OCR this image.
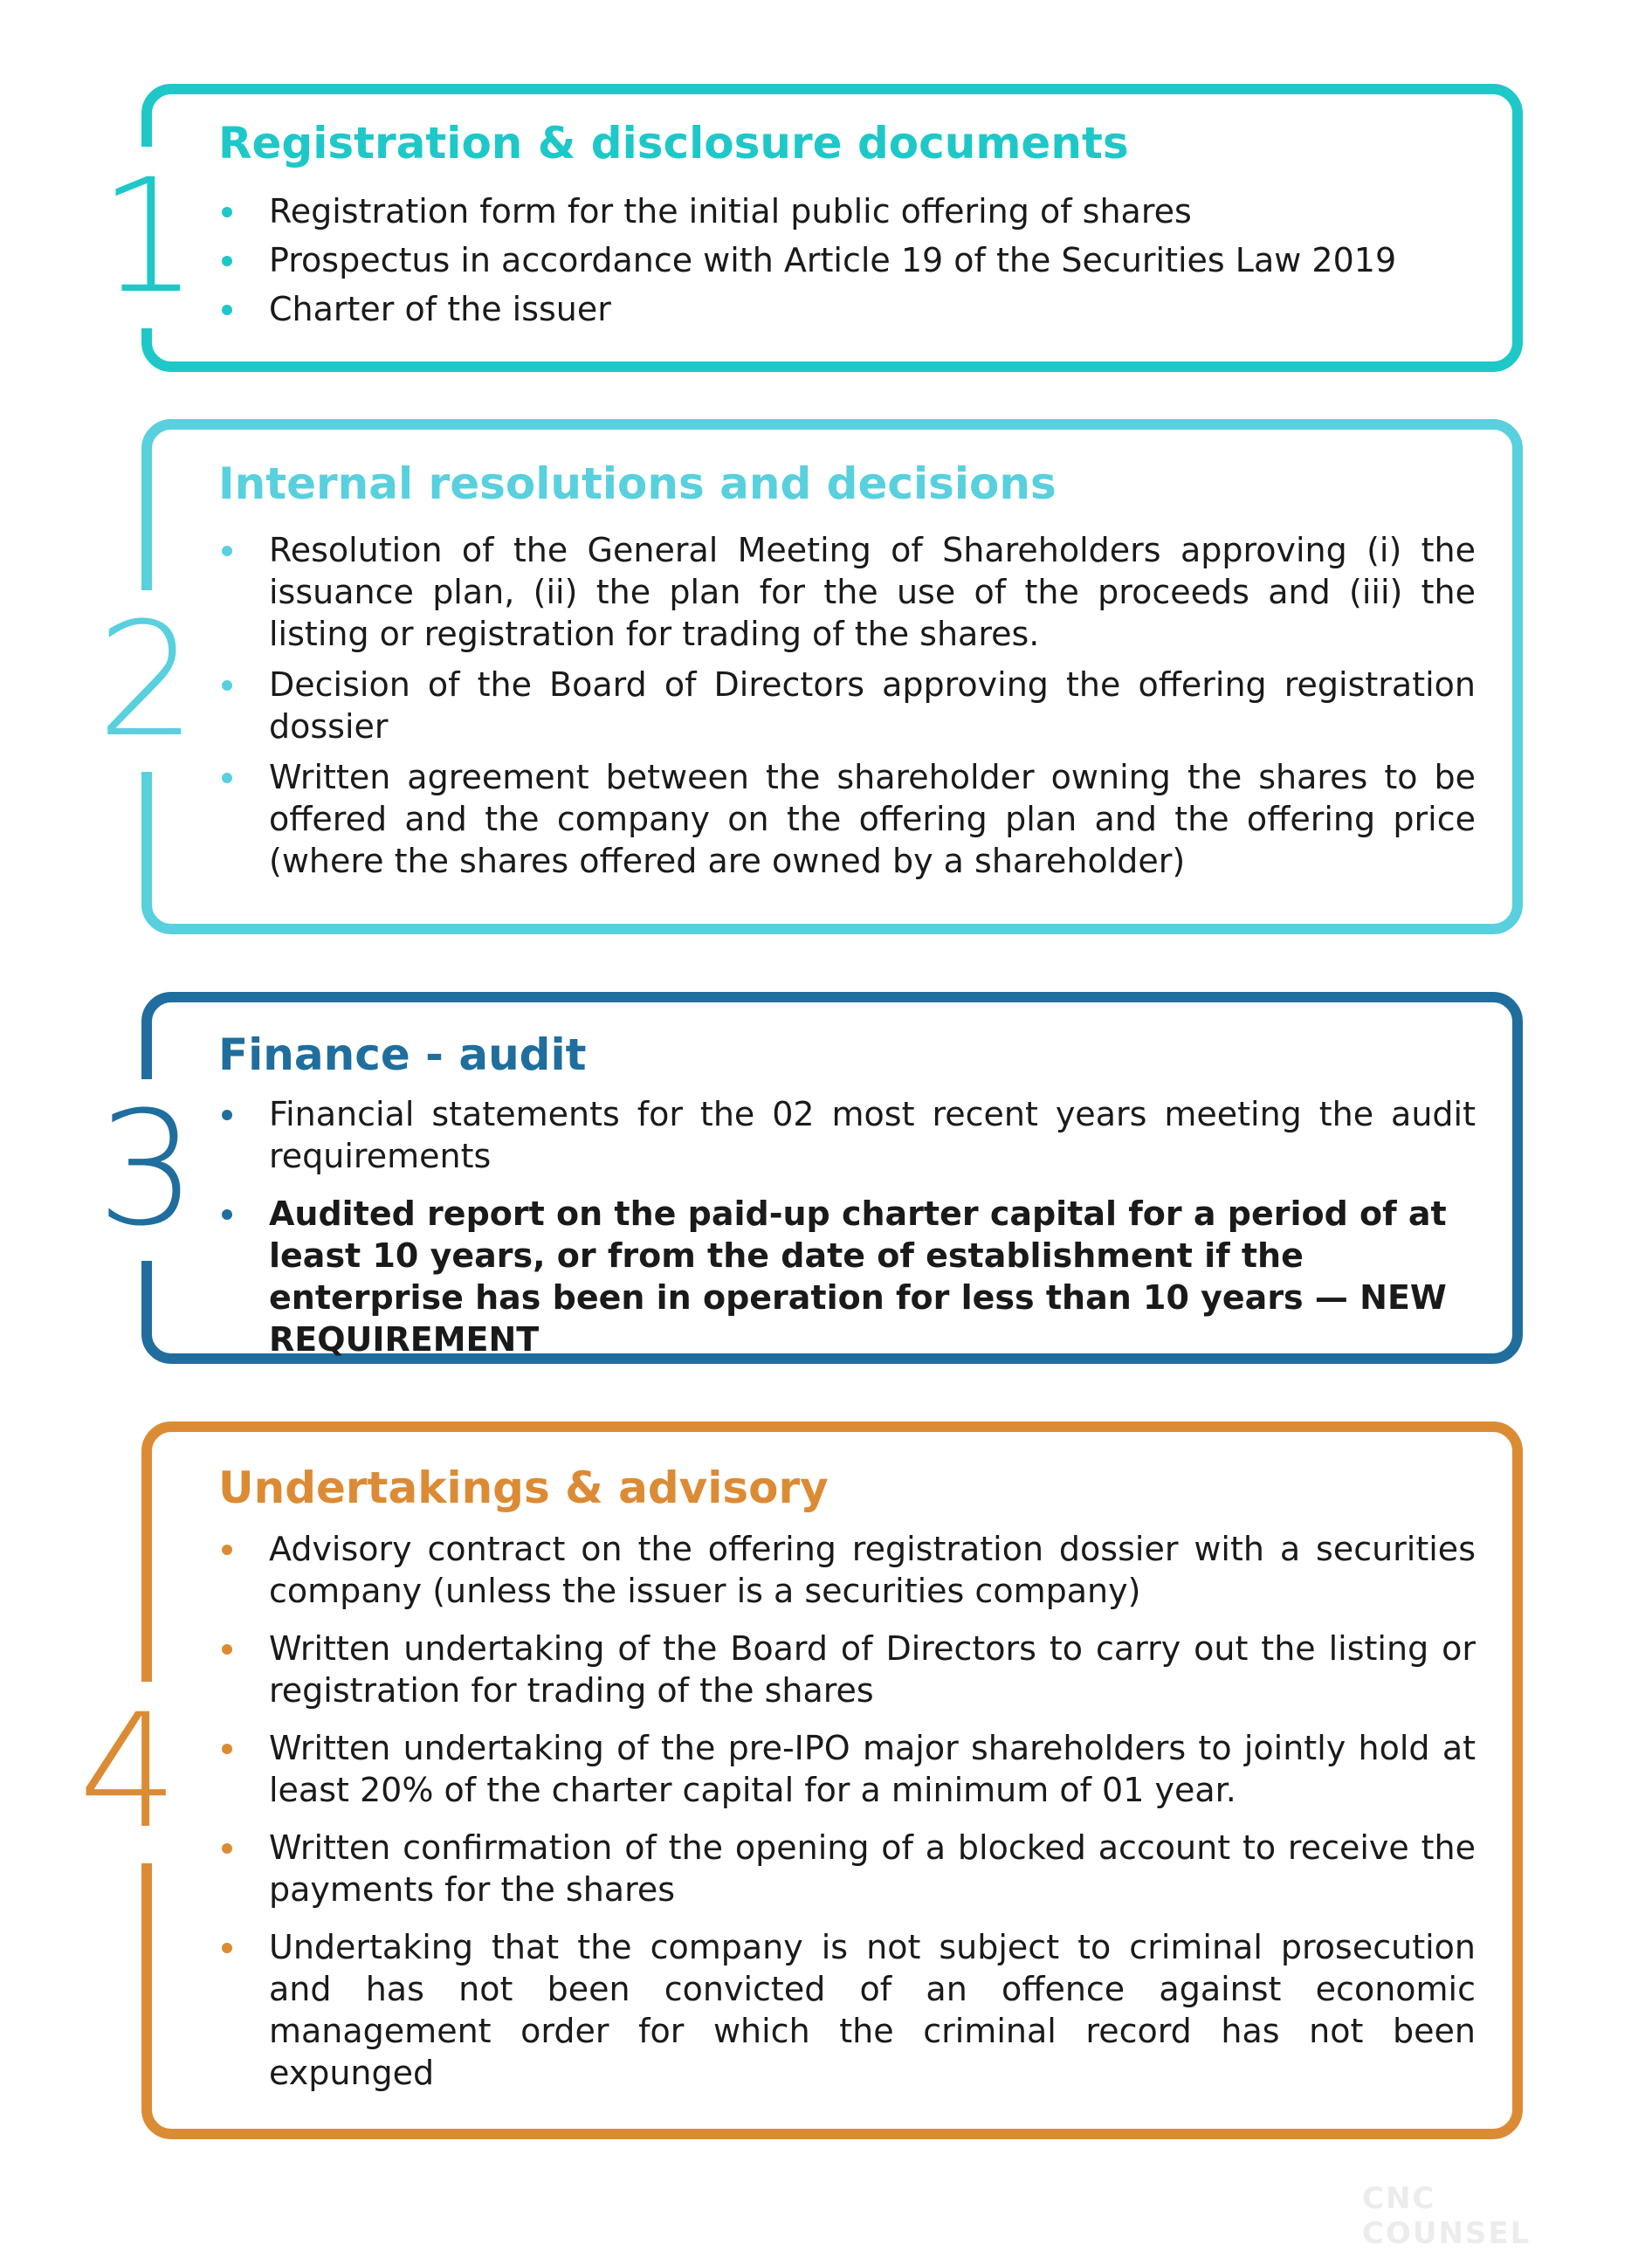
1
Registration & disclosure documents
Registration form for the initial public offering of shares
Prospectus in accordance with Article 19 of the Securities Law 2019
Charter of the issuer
2
Internal resolutions and decisions
Resolution of the General Meeting of Shareholders approving (i) the issuance plan, (ii) the plan for the use of the proceeds and (iii) the listing or registration for trading of the shares.
Decision of the Board of Directors approving the offering registration dossier
Written agreement between the shareholder owning the shares to be offered and the company on the offering plan and the offering price (where the shares offered are owned by a shareholder)
3
Finance - audit
Financial statements for the 02 most recent years meeting the audit requirements
Audited report on the paid-up charter capital for a period of at least 10 years, or from the date of establishment if the enterprise has been in operation for less than 10 years — NEW REQUIREMENT
4
Undertakings & advisory
Advisory contract on the offering registration dossier with a securities company (unless the issuer is a securities company)
Written undertaking of the Board of Directors to carry out the listing or registration for trading of the shares
Written undertaking of the pre-IPO major shareholders to jointly hold at least 20% of the charter capital for a minimum of 01 year.
Written confirmation of the opening of a blocked account to receive the payments for the shares
Undertaking that the company is not subject to criminal prosecution and has not been convicted of an offence against economic management order for which the criminal record has not been expunged
CNC COUNSEL
